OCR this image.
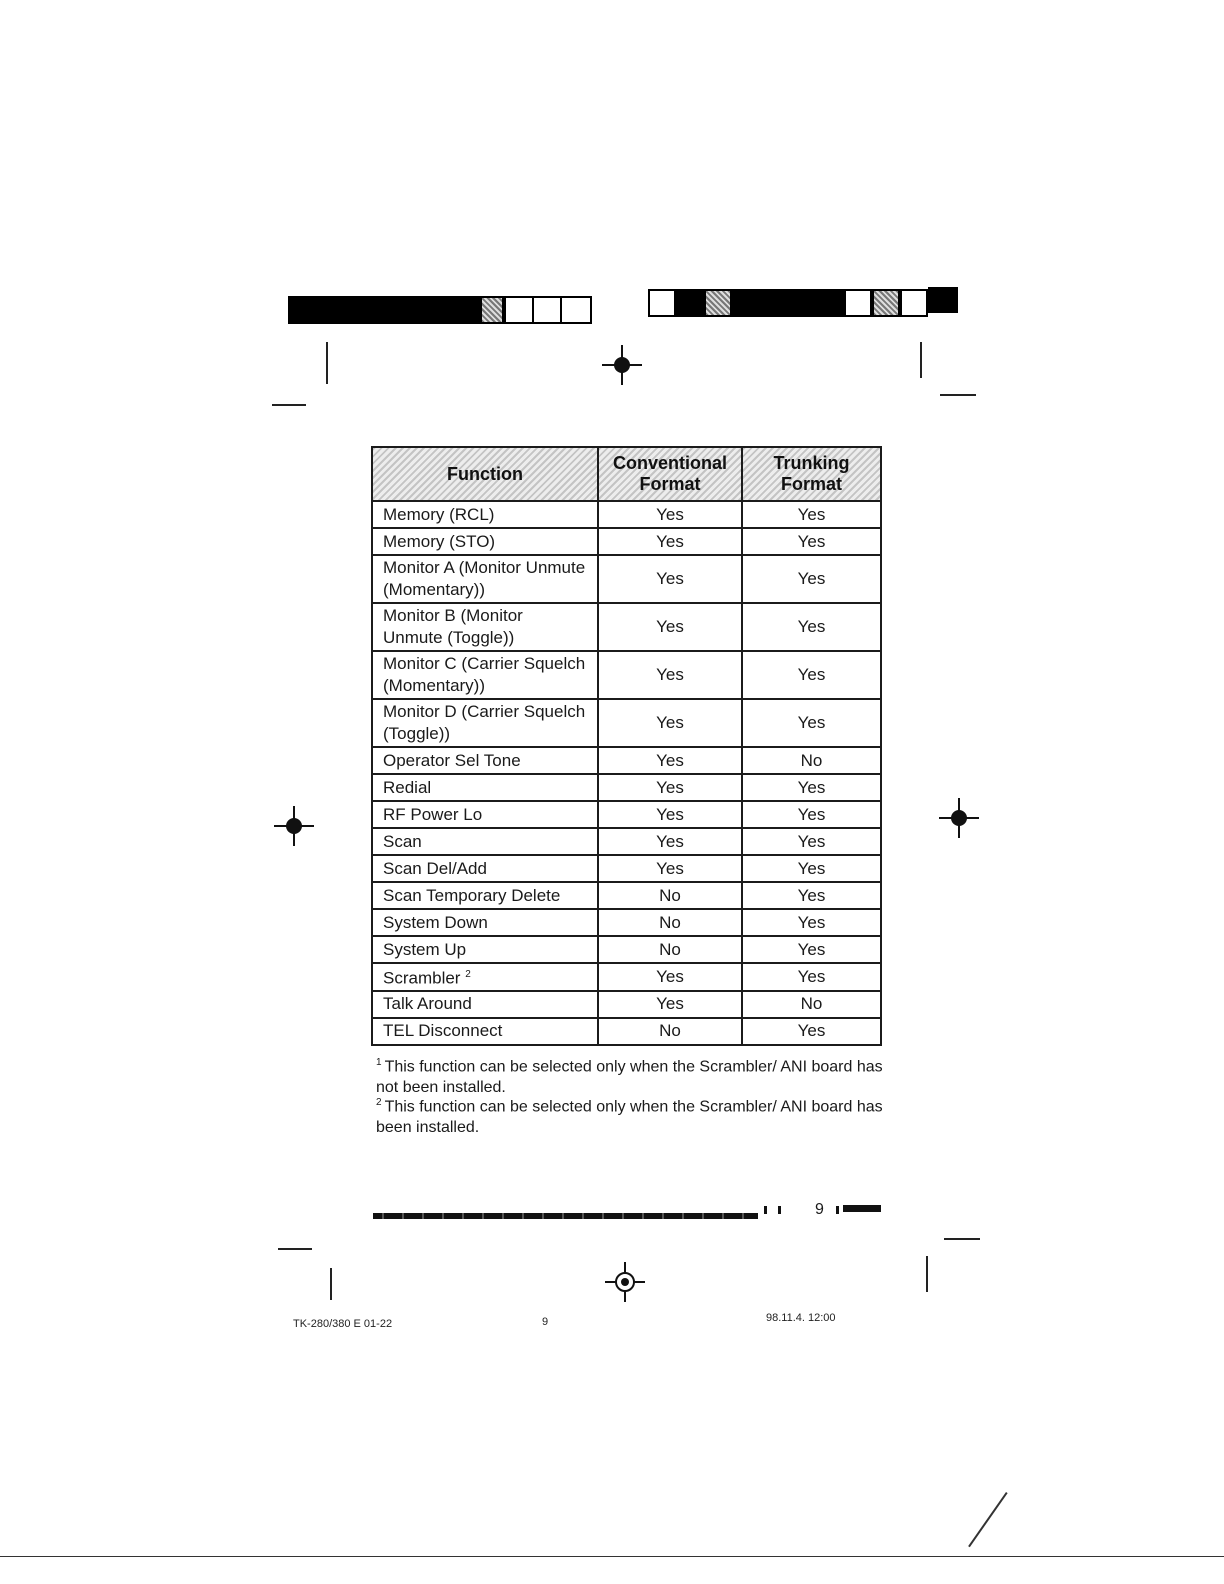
Function	Conventional Format	Trunking Format
Memory (RCL)	Yes	Yes
Memory (STO)	Yes	Yes
Monitor A (Monitor Unmute (Momentary))	Yes	Yes
Monitor B (Monitor Unmute (Toggle))	Yes	Yes
Monitor C (Carrier Squelch (Momentary))	Yes	Yes
Monitor D (Carrier Squelch (Toggle))	Yes	Yes
Operator Sel Tone	Yes	No
Redial	Yes	Yes
RF Power Lo	Yes	Yes
Scan	Yes	Yes
Scan Del/Add	Yes	Yes
Scan Temporary Delete	No	Yes
System Down	No	Yes
System Up	No	Yes
Scrambler $^2$	Yes	Yes
Talk Around	Yes	No
TEL Disconnect	No	Yes
$^1$ This function can be selected only when the Scrambler/ ANI board has not been installed.
$^2$ This function can be selected only when the Scrambler/ ANI board has been installed.
9
TK-280/380 E 01-22	9	98.11.4. 12:00
